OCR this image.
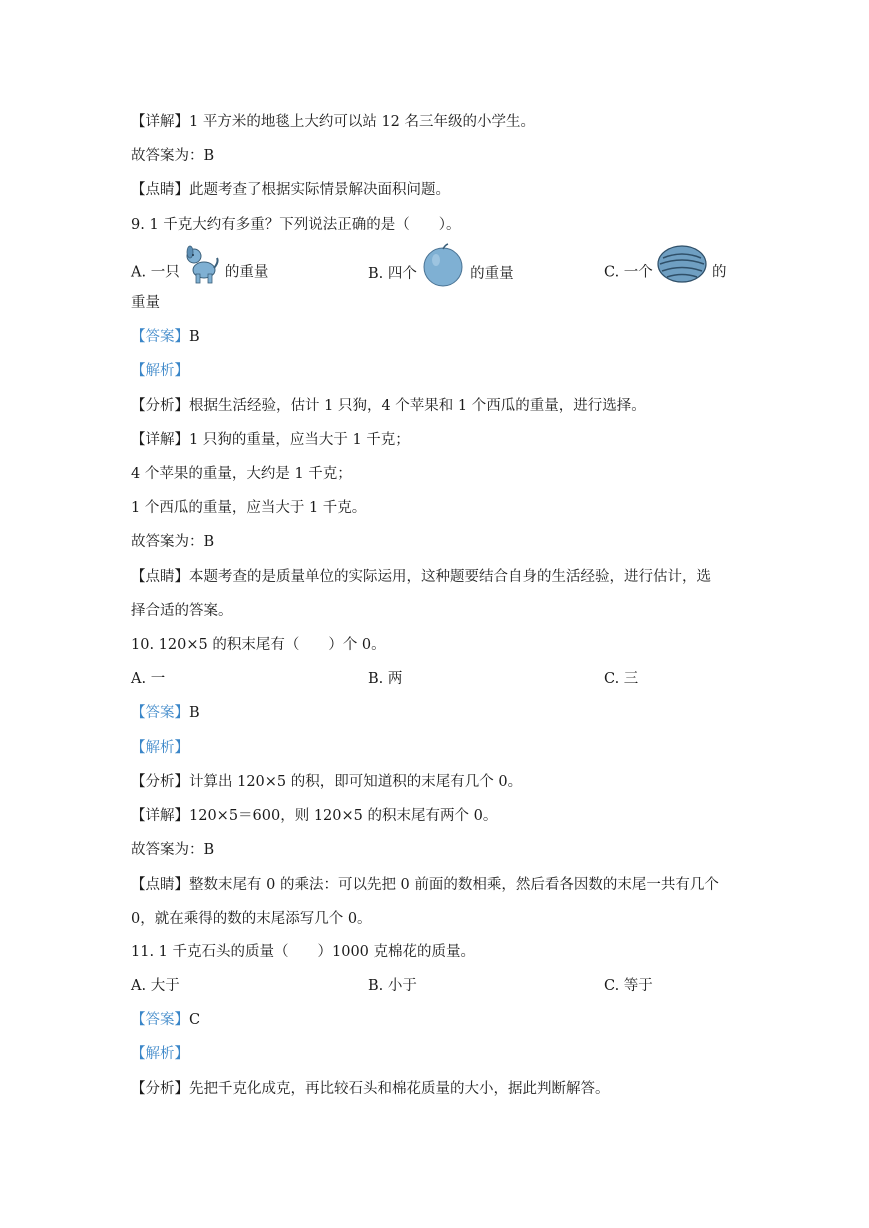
【详解】1 平方米的地毯上大约可以站 12 名三年级的小学生。
故答案为：B
【点睛】此题考查了根据实际情景解决面积问题。
9. 1 千克大约有多重？下列说法正确的是（　　）。
A. 一只	的重量	B. 四个	的重量	C. 一个	的
重量
【答案】B
【解析】
【分析】根据生活经验，估计 1 只狗，4 个苹果和 1 个西瓜的重量，进行选择。
【详解】1 只狗的重量，应当大于 1 千克；
4 个苹果的重量，大约是 1 千克；
1 个西瓜的重量，应当大于 1 千克。
故答案为：B
【点睛】本题考查的是质量单位的实际运用，这种题要结合自身的生活经验，进行估计，选
择合适的答案。
10. 120×5 的积末尾有（　　）个 0。
A. 一	B. 两	C. 三
【答案】B
【解析】
【分析】计算出 120×5 的积，即可知道积的末尾有几个 0。
【详解】120×5＝600，则 120×5 的积末尾有两个 0。
故答案为：B
【点睛】整数末尾有 0 的乘法：可以先把 0 前面的数相乘，然后看各因数的末尾一共有几个
0，就在乘得的数的末尾添写几个 0。
11. 1 千克石头的质量（　　）1000 克棉花的质量。
A. 大于	B. 小于	C. 等于
【答案】C
【解析】
【分析】先把千克化成克，再比较石头和棉花质量的大小，据此判断解答。
